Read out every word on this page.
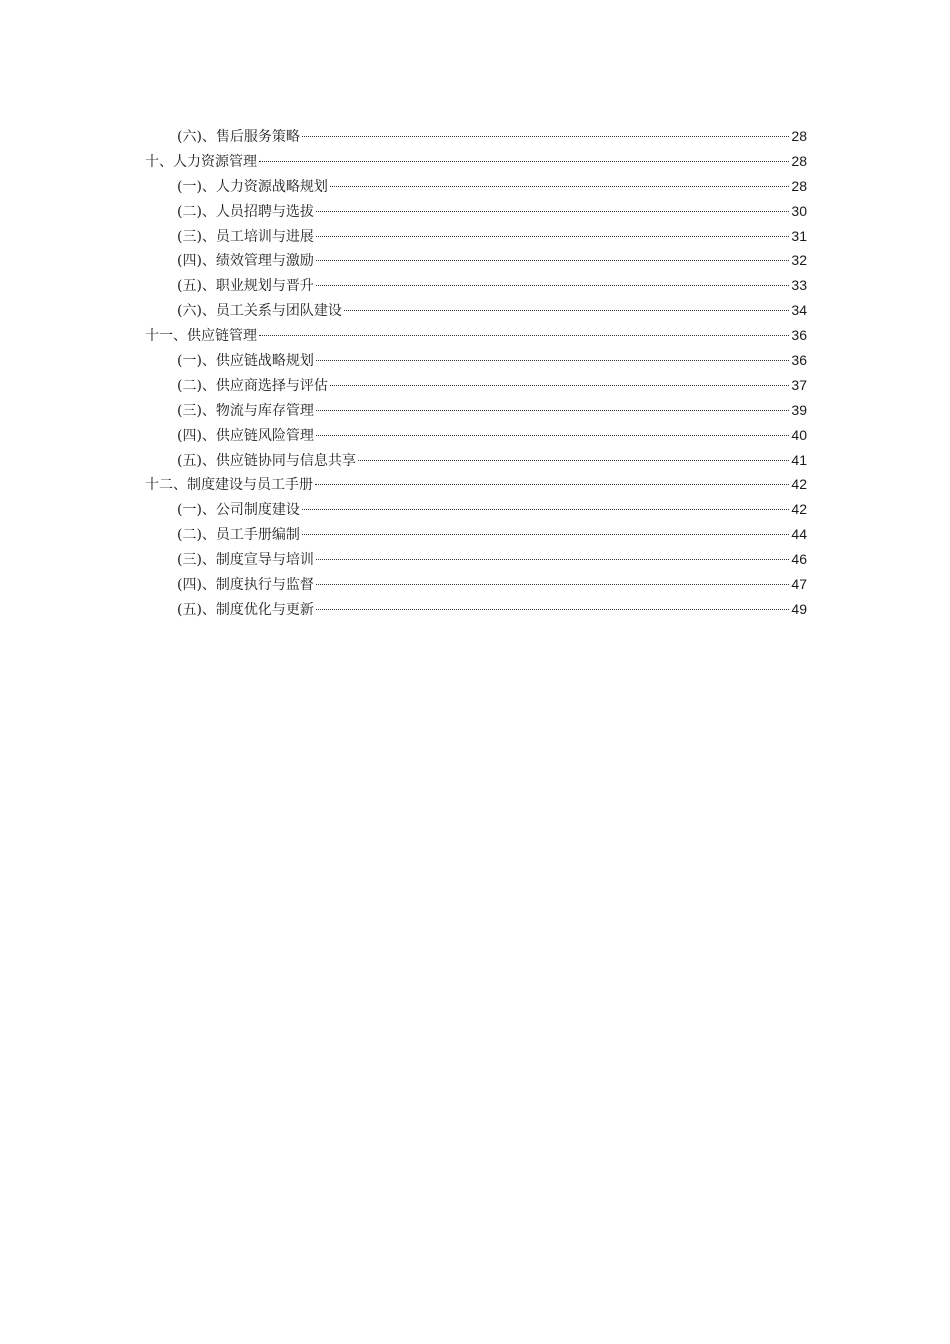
(六)、售后服务策略	28
十、人力资源管理	28
(一)、人力资源战略规划	28
(二)、人员招聘与选拔	30
(三)、员工培训与进展	31
(四)、绩效管理与激励	32
(五)、职业规划与晋升	33
(六)、员工关系与团队建设	34
十一、供应链管理	36
(一)、供应链战略规划	36
(二)、供应商选择与评估	37
(三)、物流与库存管理	39
(四)、供应链风险管理	40
(五)、供应链协同与信息共享	41
十二、制度建设与员工手册	42
(一)、公司制度建设	42
(二)、员工手册编制	44
(三)、制度宣导与培训	46
(四)、制度执行与监督	47
(五)、制度优化与更新	49
